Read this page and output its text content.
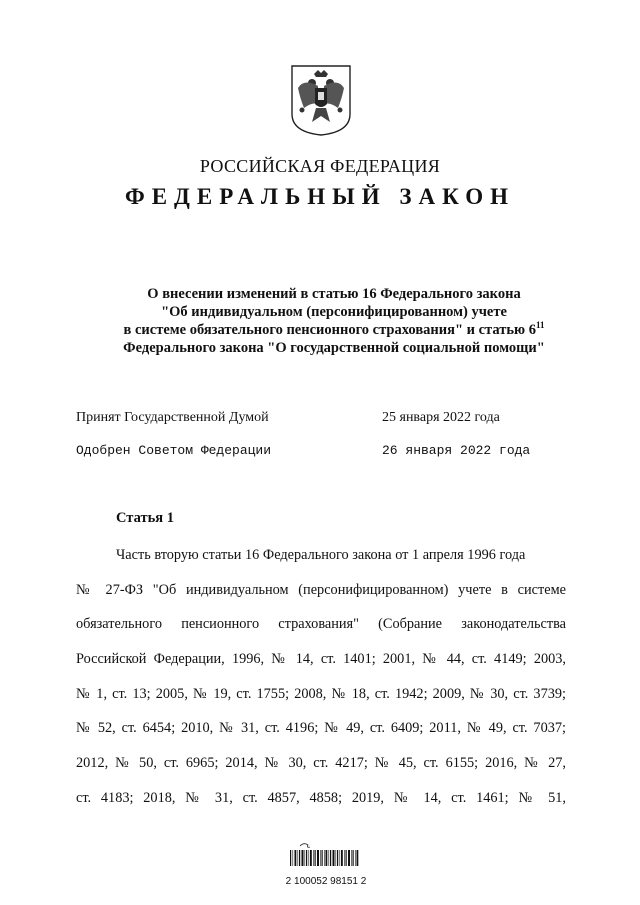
РОССИЙСКАЯ ФЕДЕРАЦИЯ
ФЕДЕРАЛЬНЫЙ ЗАКОН
О внесении изменений в статью 16 Федерального закона
"Об индивидуальном (персонифицированном) учете
в системе обязательного пенсионного страхования" и статью $6^{11}$
Федерального закона "О государственной социальной помощи"
Принят Государственной Думой	25 января 2022 года
Одобрен Советом Федерации	26 января 2022 года
Статья 1
Часть вторую статьи 16 Федерального закона от 1 апреля 1996 года
№ 27-ФЗ "Об индивидуальном (персонифицированном) учете в системе
обязательного пенсионного страхования" (Собрание законодательства
Российской Федерации, 1996, № 14, ст. 1401; 2001, № 44, ст. 4149; 2003,
№ 1, ст. 13; 2005, № 19, ст. 1755; 2008, № 18, ст. 1942; 2009, № 30, ст. 3739;
№ 52, ст. 6454; 2010, № 31, ст. 4196; № 49, ст. 6409; 2011, № 49, ст. 7037;
2012, № 50, ст. 6965; 2014, № 30, ст. 4217; № 45, ст. 6155; 2016, № 27,
ст. 4183; 2018, № 31, ст. 4857, 4858; 2019, № 14, ст. 1461; № 51,
2 100052 98151 2
